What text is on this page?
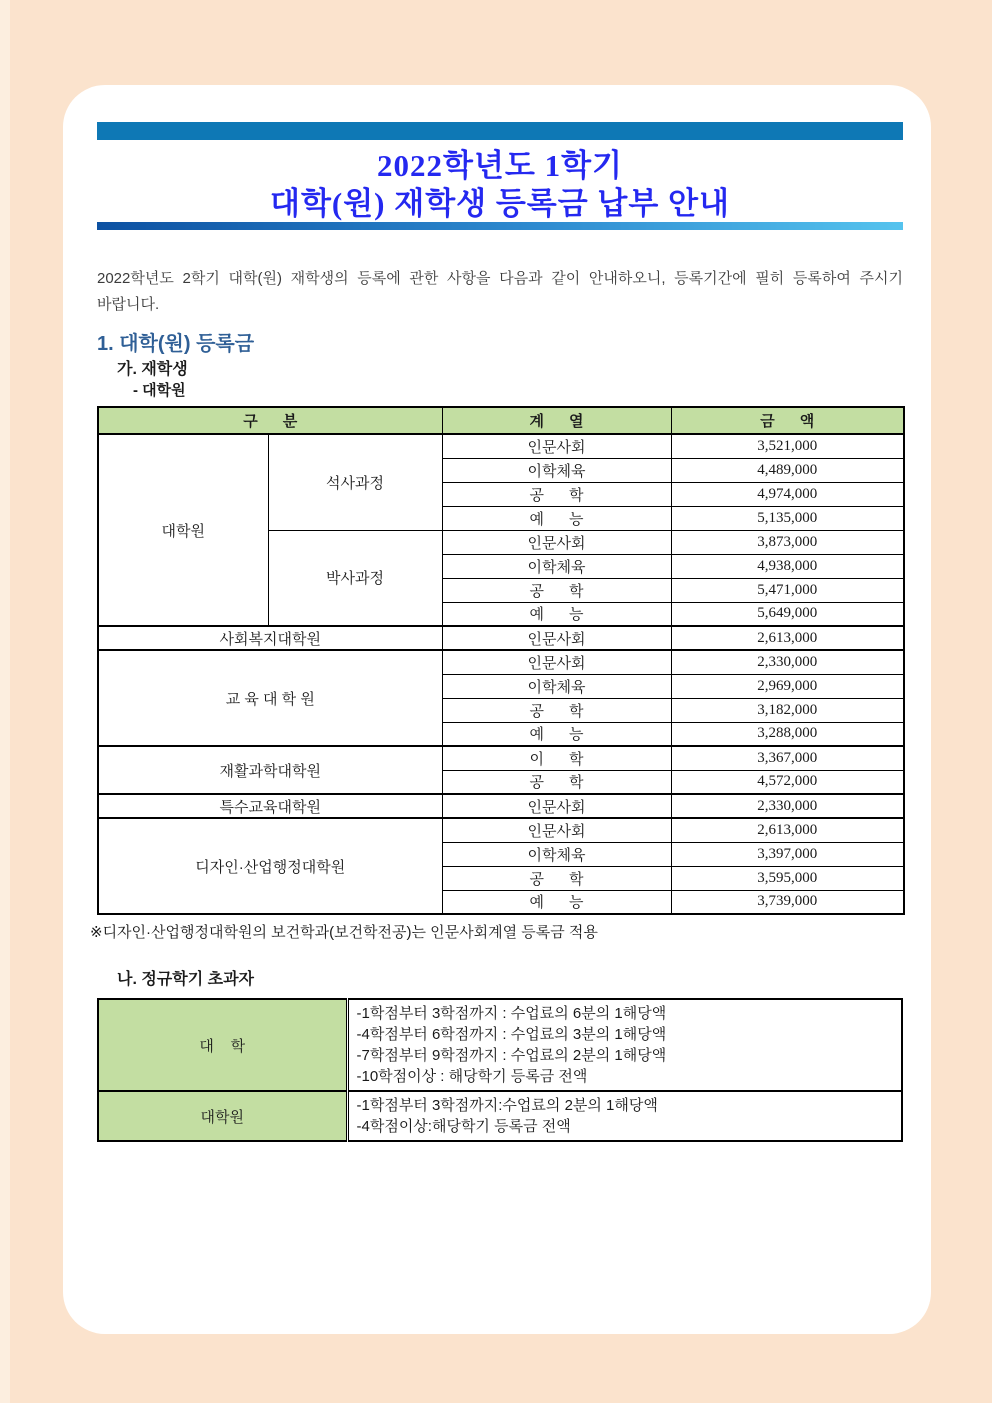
2022학년도 1학기
대학(원) 재학생 등록금 납부 안내

2022학년도 2학기 대학(원) 재학생의 등록에 관한 사항을 다음과 같이 안내하오니, 등록기간에 필히 등록하여 주시기 바랍니다.

1. 대학(원) 등록금
가. 재학생
- 대학원
구      분		계      열	금      액
대학원	석사과정	인문사회	3,521,000
		이학체육	4,489,000
		공      학	4,974,000
		예      능	5,135,000
	박사과정	인문사회	3,873,000
		이학체육	4,938,000
		공      학	5,471,000
		예      능	5,649,000
사회복지대학원		인문사회	2,613,000
교 육 대 학 원		인문사회	2,330,000
		이학체육	2,969,000
		공      학	3,182,000
		예      능	3,288,000
재활과학대학원		이      학	3,367,000
		공      학	4,572,000
특수교육대학원		인문사회	2,330,000
디자인·산업행정대학원		인문사회	2,613,000
		이학체육	3,397,000
		공      학	3,595,000
		예      능	3,739,000
※디자인·산업행정대학원의 보건학과(보건학전공)는 인문사회계열 등록금 적용
나. 정규학기 초과자
대    학	-1학점부터 3학점까지 : 수업료의 6분의 1해당액
-4학점부터 6학점까지 : 수업료의 3분의 1해당액
-7학점부터 9학점까지 : 수업료의 2분의 1해당액
-10학점이상 : 해당학기 등록금 전액

대학원	-1학점부터 3학점까지:수업료의 2분의 1해당액
-4학점이상:해당학기 등록금 전액
